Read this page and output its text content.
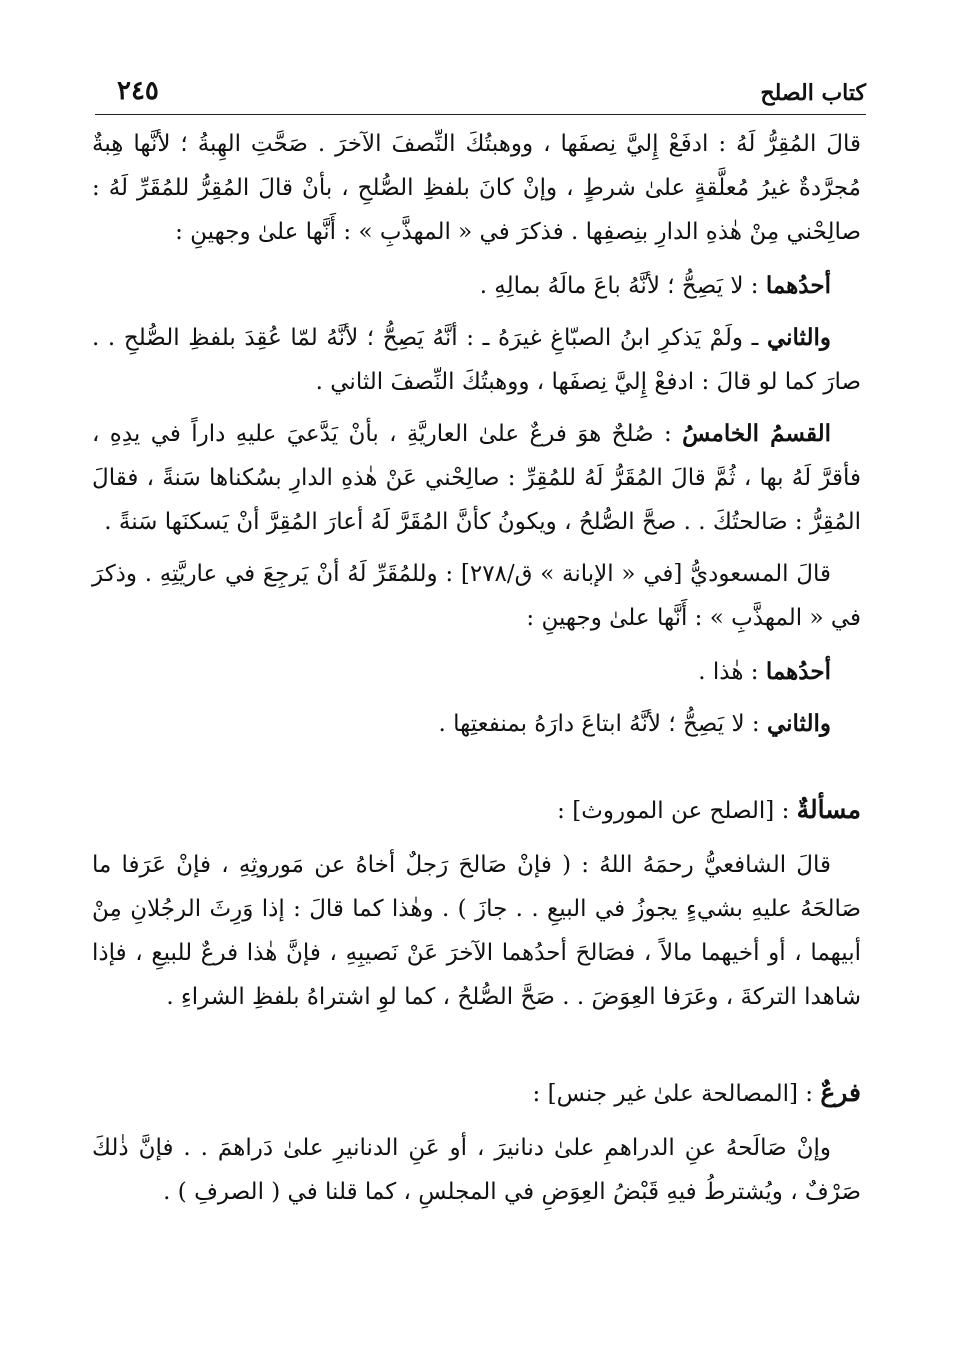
كتاب الصلح
٢٤٥

قالَ المُقِرُّ لَهُ : ادفَعْ إِليَّ نِصفَها ، ووهبتُكَ النِّصفَ الآخرَ . صَحَّتِ الهِبةُ ؛ لأنَّها هِبةٌ مُجرَّدةٌ غيرُ مُعلَّقةٍ علىٰ شرطٍ ، وإنْ كانَ بلفظِ الصُّلحِ ، بأنْ قالَ المُقِرُّ للمُقَرِّ لَهُ : صالِحْني مِنْ هٰذهِ الدارِ بنِصفِها . فذكرَ في « المهذَّبِ » : أَنَّها علىٰ وجهينِ :

أحدُهما : لا يَصِحُّ ؛ لأنَّهُ باعَ مالَهُ بمالِهِ .

والثاني ـ ولَمْ يَذكرِ ابنُ الصبّاغِ غيرَهُ ـ : أنَّهُ يَصِحُّ ؛ لأنَّهُ لمّا عُقِدَ بلفظِ الصُّلحِ . . صارَ كما لو قالَ : ادفعْ إِليَّ نِصفَها ، ووهبتُكَ النِّصفَ الثاني .

القسمُ الخامسُ : صُلحٌ هوَ فرعٌ علىٰ العاريَّةِ ، بأنْ يَدَّعيَ عليهِ داراً في يدِهِ ، فأقرَّ لَهُ بها ، ثُمَّ قالَ المُقَرُّ لَهُ للمُقِرِّ : صالِحْني عَنْ هٰذهِ الدارِ بسُكناها سَنةً ، فقالَ المُقِرُّ : صَالحتُكَ . . صحَّ الصُّلحُ ، ويكونُ كأنَّ المُقَرَّ لَهُ أعارَ المُقِرَّ أنْ يَسكنَها سَنةً .

قالَ المسعوديُّ [في « الإبانة » ق/٢٧٨] : وللمُقَرِّ لَهُ أنْ يَرجِعَ في عاريَّتِهِ . وذكرَ في « المهذَّبِ » : أَنَّها علىٰ وجهينِ :

أحدُهما : هٰذا .

والثاني : لا يَصِحُّ ؛ لأنَّهُ ابتاعَ دارَهُ بمنفعتِها .

مسألةٌ : [الصلح عن الموروث] :

قالَ الشافعيُّ رحمَهُ اللهُ : ( فإنْ صَالحَ رَجلٌ أخاهُ عن مَوروثِهِ ، فإنْ عَرَفا ما صَالحَهُ عليهِ بشيءٍ يجوزُ في البيعِ . . جازَ ) . وهٰذا كما قالَ : إذا وَرِثَ الرجُلانِ مِنْ أبيهما ، أو أخيهما مالاً ، فصَالحَ أحدُهما الآخرَ عَنْ نَصيبِهِ ، فإنَّ هٰذا فرعٌ للبيعِ ، فإذا شاهدا التركةَ ، وعَرَفا العِوَضَ . . صَحَّ الصُّلحُ ، كما لوِ اشتراهُ بلفظِ الشراءِ .

فرعٌ : [المصالحة علىٰ غير جنس] :

وإنْ صَالَحهُ عنِ الدراهمِ علىٰ دنانيرَ ، أو عَنِ الدنانيرِ علىٰ دَراهمَ . . فإنَّ ذٰلكَ صَرْفٌ ، ويُشترطُ فيهِ قَبْضُ العِوَضِ في المجلسِ ، كما قلنا في ( الصرفِ ) .
